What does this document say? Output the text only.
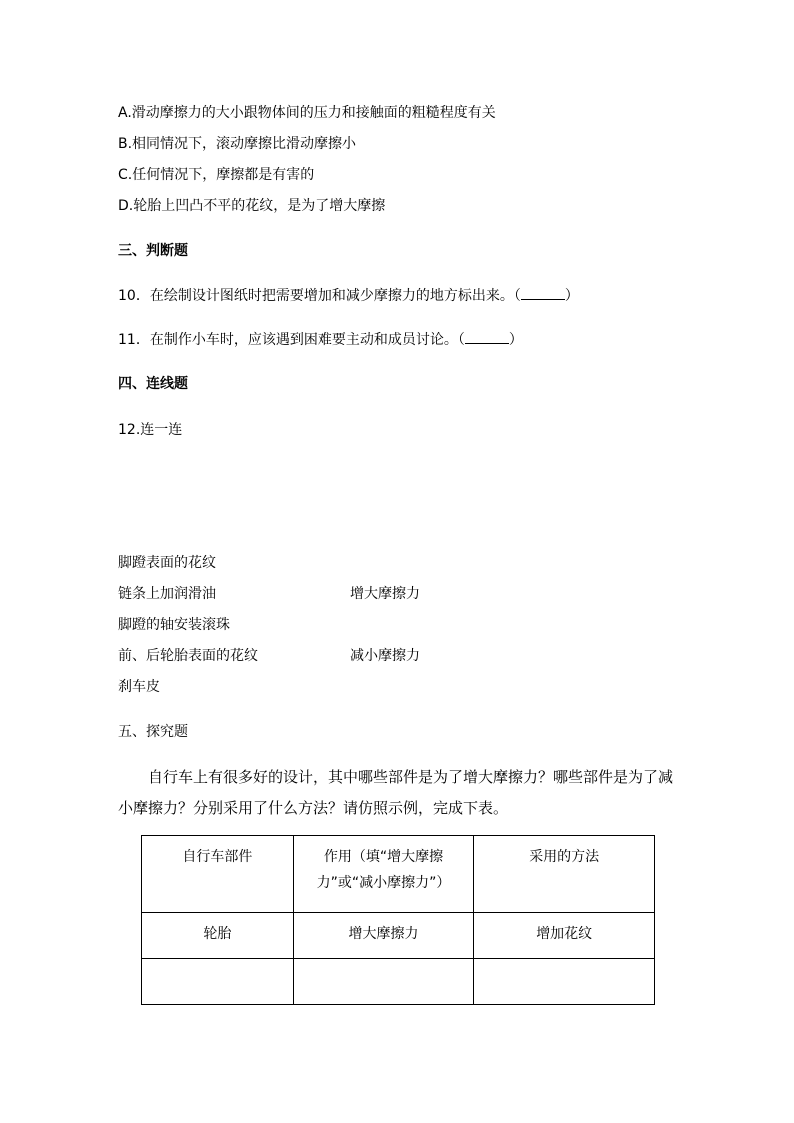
A.滑动摩擦力的大小跟物体间的压力和接触面的粗糙程度有关
B.相同情况下，滚动摩擦比滑动摩擦小
C.任何情况下，摩擦都是有害的
D.轮胎上凹凸不平的花纹，是为了增大摩擦
三、判断题
10．在绘制设计图纸时把需要增加和减少摩擦力的地方标出来。（	）
11．在制作小车时，应该遇到困难要主动和成员讨论。（	）
四、连线题
12.连一连
脚蹬表面的花纹
链条上加润滑油
脚蹬的轴安装滚珠
前、后轮胎表面的花纹
刹车皮
增大摩擦力
减小摩擦力
五、探究题
自行车上有很多好的设计，其中哪些部件是为了增大摩擦力？哪些部件是为了减小摩擦力？分别采用了什么方法？请仿照示例，完成下表。
自行车部件	作用（填“增大摩擦力”或“减小摩擦力”）	采用的方法
轮胎	增大摩擦力	增加花纹
